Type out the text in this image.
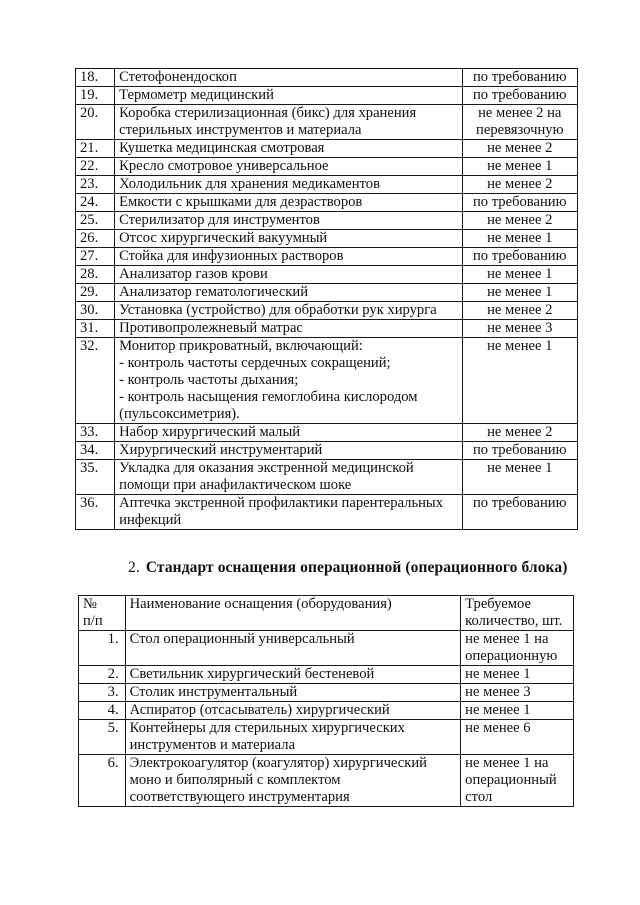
18.	Стетофонендоскоп	по требованию

19.	Термометр медицинский	по требованию

20.	Коробка стерилизационная (бикс) для хранения
стерильных инструментов и материала	не менее 2 на
перевязочную

21.	Кушетка медицинская смотровая	не менее 2

22.	Кресло смотровое универсальное	не менее 1

23.	Холодильник для хранения медикаментов	не менее 2

24.	Емкости с крышками для дезрастворов	по требованию

25.	Стерилизатор для инструментов	не менее 2

26.	Отсос хирургический вакуумный	не менее 1

27.	Стойка для инфузионных растворов	по требованию

28.	Анализатор газов крови	не менее 1

29.	Анализатор гематологический	не менее 1

30.	Установка (устройство) для обработки рук хирурга	не менее 2

31.	Противопролежневый матрас	не менее 3

32.	Монитор прикроватный, включающий:
- контроль частоты сердечных сокращений;
- контроль частоты дыхания;
- контроль насыщения гемоглобина кислородом
(пульсоксиметрия).	не менее 1

33.	Набор хирургический малый	не менее 2

34.	Хирургический инструментарий	по требованию

35.	Укладка для оказания экстренной медицинской
помощи при анафилактическом шоке	не менее 1

36.	Аптечка экстренной профилактики парентеральных
инфекций	по требованию
2. Стандарт оснащения операционной (операционного блока)
№
п/п	Наименование оснащения (оборудования)	Требуемое
количество, шт.

1.	Стол операционный универсальный	не менее 1 на
операционную

2.	Светильник хирургический бестеневой	не менее 1

3.	Столик инструментальный	не менее 3

4.	Аспиратор (отсасыватель) хирургический	не менее 1

5.	Контейнеры для стерильных хирургических
инструментов и материала	не менее 6

6.	Электрокоагулятор (коагулятор) хирургический
моно и биполярный с комплектом
соответствующего инструментария	не менее 1 на
операционный
стол
